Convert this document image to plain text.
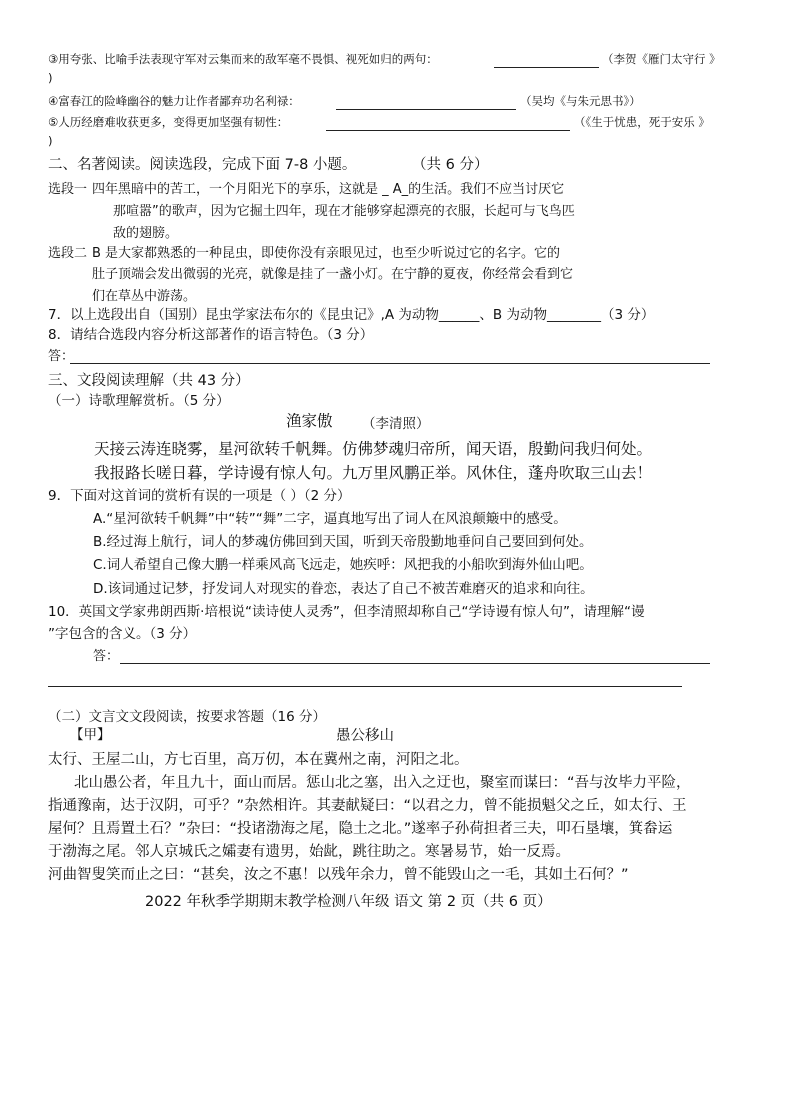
③用夸张、比喻手法表现守军对云集而来的敌军毫不畏惧、视死如归的两句：	（李贺《雁门太守行 》
)
④富春江的险峰幽谷的魅力让作者鄙弃功名利禄：	（吴均《与朱元思书》）
⑤人历经磨难收获更多，变得更加坚强有韧性：	（《生于忧患，死于安乐 》
)
二、名著阅读。阅读选段，完成下面 7-8 小题。	（共 6 分）
选段一 四年黑暗中的苦工，一个月阳光下的享乐，这就是 _ A_的生活。我们不应当讨厌它
那喧嚣”的歌声，因为它掘土四年，现在才能够穿起漂亮的衣服，长起可与飞鸟匹
敌的翅膀。
选段二 B 是大家都熟悉的一种昆虫，即使你没有亲眼见过，也至少听说过它的名字。它的
肚子顶端会发出微弱的光亮，就像是挂了一盏小灯。在宁静的夏夜，你经常会看到它
们在草丛中游荡。
7．以上选段出自（国别）昆虫学家法布尔的《昆虫记》,A 为动物______、B 为动物________（3 分）
8．请结合选段内容分析这部著作的语言特色。（3 分）
答：
三、文段阅读理解（共 43 分）
（一）诗歌理解赏析。（5 分）
渔家傲 （李清照）
天接云涛连晓雾，星河欲转千帆舞。仿佛梦魂归帝所，闻天语，殷勤问我归何处。
我报路长嗟日暮，学诗谩有惊人句。九万里风鹏正举。风休住，蓬舟吹取三山去！
9．下面对这首词的赏析有误的一项是（ ）（2 分）
A.“星河欲转千帆舞”中“转”“舞”二字，逼真地写出了词人在风浪颠簸中的感受。
B.经过海上航行，词人的梦魂仿佛回到天国，听到天帝殷勤地垂问自己要回到何处。
C.词人希望自己像大鹏一样乘风高飞远走，她疾呼：风把我的小船吹到海外仙山吧。
D.该词通过记梦，抒发词人对现实的眷恋，表达了自己不被苦难磨灭的追求和向往。
10．英国文学家弗朗西斯·培根说“读诗使人灵秀”，但李清照却称自己“学诗谩有惊人句”，请理解“谩
”字包含的含义。（3 分）
答：
（二）文言文文段阅读，按要求答题（16 分）
【甲】	愚公移山
太行、王屋二山，方七百里，高万仞，本在冀州之南，河阳之北。
北山愚公者，年且九十，面山而居。惩山北之塞，出入之迂也，聚室而谋曰：“吾与汝毕力平险，
指通豫南，达于汉阴，可乎？”杂然相许。其妻献疑曰：“以君之力，曾不能损魁父之丘，如太行、王
屋何？且焉置土石？”杂曰：“投诸渤海之尾，隐土之北。”遂率子孙荷担者三夫，叩石垦壤，箕畚运
于渤海之尾。邻人京城氏之孀妻有遗男，始龀，跳往助之。寒暑易节，始一反焉。
河曲智叟笑而止之曰：“甚矣，汝之不惠！以残年余力，曾不能毁山之一毛，其如土石何？”
2022 年秋季学期期末教学检测八年级 语文 第 2 页（共 6 页）
